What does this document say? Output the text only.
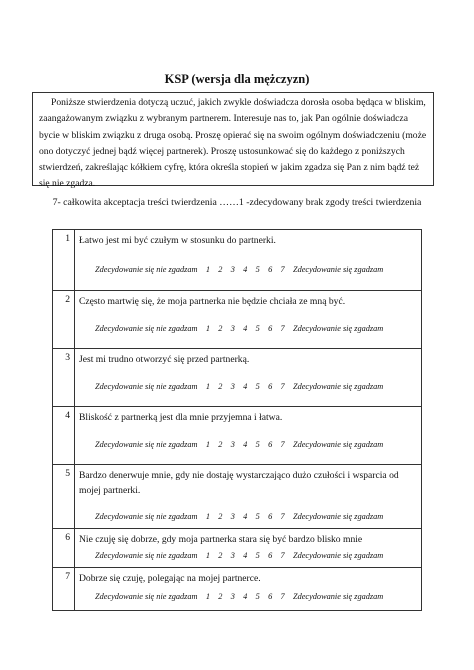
KSP (wersja dla mężczyzn)
Poniższe stwierdzenia dotyczą uczuć, jakich zwykle doświadcza dorosła osoba będąca w bliskim, zaangażowanym związku z wybranym partnerem. Interesuje nas to, jak Pan ogólnie doświadcza bycie w bliskim związku z druga osobą. Proszę opierać się na swoim ogólnym doświadczeniu (może ono dotyczyć jednej bądź więcej partnerek). Proszę ustosunkować się do każdego z poniższych stwierdzeń, zakreślając kółkiem cyfrę, która określa stopień w jakim zgadza się Pan z nim bądź też się nie zgadza.
7- całkowita akceptacja treści twierdzenia ……1 -zdecydowany brak zgody treści twierdzenia
1	Łatwo jest mi być czułym w stosunku do partnerki.
Zdecydowanie się nie zgadzam    1    2    3    4    5    6    7    Zdecydowanie się zgadzam

2	Często martwię się, że moja partnerka nie będzie chciała ze mną być.
Zdecydowanie się nie zgadzam    1    2    3    4    5    6    7    Zdecydowanie się zgadzam

3	Jest mi trudno otworzyć się przed partnerką.
Zdecydowanie się nie zgadzam    1    2    3    4    5    6    7    Zdecydowanie się zgadzam

4	Bliskość z partnerką jest dla mnie przyjemna i łatwa.
Zdecydowanie się nie zgadzam    1    2    3    4    5    6    7    Zdecydowanie się zgadzam

5	Bardzo denerwuje mnie, gdy nie dostaję wystarczająco dużo czułości i wsparcia od mojej partnerki.
Zdecydowanie się nie zgadzam    1    2    3    4    5    6    7    Zdecydowanie się zgadzam

6	Nie czuję się dobrze, gdy moja partnerka stara się być bardzo blisko mnie
Zdecydowanie się nie zgadzam    1    2    3    4    5    6    7    Zdecydowanie się zgadzam

7	Dobrze się czuję, polegając na mojej partnerce.
Zdecydowanie się nie zgadzam    1    2    3    4    5    6    7    Zdecydowanie się zgadzam
